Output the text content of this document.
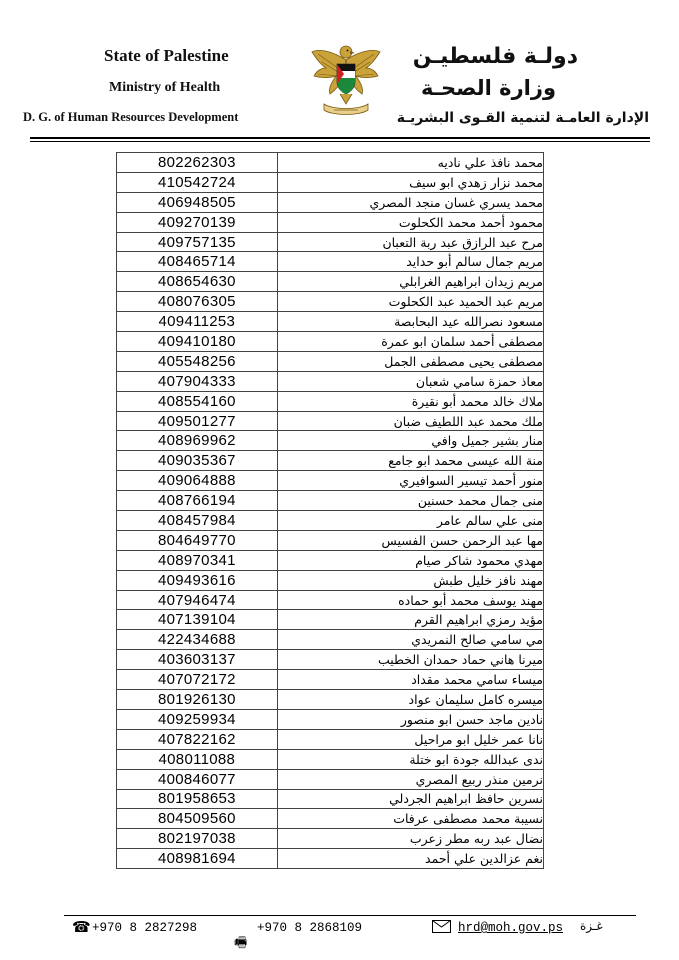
State of Palestine
Ministry of Health
D. G. of Human Resources Development
دولـة فلسطيـن
وزارة الصحـة
الإدارة العامـة لتنمية القـوى البشريـة
802262303	محمد نافذ علي ناديه
410542724	محمد نزار زهدي ابو سيف
406948505	محمد يسري غسان منجد المصري
409270139	محمود أحمد محمد الكحلوت
409757135	مرح عبد الرازق عبد ربة التعبان
408465714	مريم جمال سالم أبو حدايد
408654630	مريم زيدان ابراهيم الغرابلي
408076305	مريم عبد الحميد عبد الكحلوت
409411253	مسعود نصرالله عيد البحابصة
409410180	مصطفى أحمد سلمان ابو عمرة
405548256	مصطفى يحيى مصطفى الجمل
407904333	معاذ حمزة سامي شعبان
408554160	ملاك خالد محمد أبو نقيرة
409501277	ملك محمد عبد اللطيف ضبان
408969962	منار بشير جميل وافي
409035367	منة الله عيسى محمد ابو جامع
409064888	منور أحمد تيسير السوافيري
408766194	منى جمال محمد حسنين
408457984	منى علي سالم عامر
804649770	مها عبد الرحمن حسن الفسيس
408970341	مهدي محمود شاكر صيام
409493616	مهند نافز خليل طبش
407946474	مهند يوسف محمد أبو حماده
407139104	مؤيد رمزي ابراهيم القرم
422434688	مي سامي صالح النمريدي
403603137	ميرنا هاني حماد حمدان الخطيب
407072172	ميساء سامي محمد مقداد
801926130	ميسره كامل سليمان عواد
409259934	نادين ماجد حسن ابو منصور
407822162	نانا عمر خليل ابو مراحيل
408011088	ندى عبدالله جودة ابو ختلة
400846077	نرمين منذر ربيع المصري
801958653	نسرين حافظ ابراهيم الجردلي
804509560	نسيبة محمد مصطفى عرفات
802197038	نضال عبد ربه مطر زعرب
408981694	نغم عزالدين علي أحمد
☎ +970 8 2827298
🖷
+970 8 2868109	hrd@moh.gov.ps غـزة
